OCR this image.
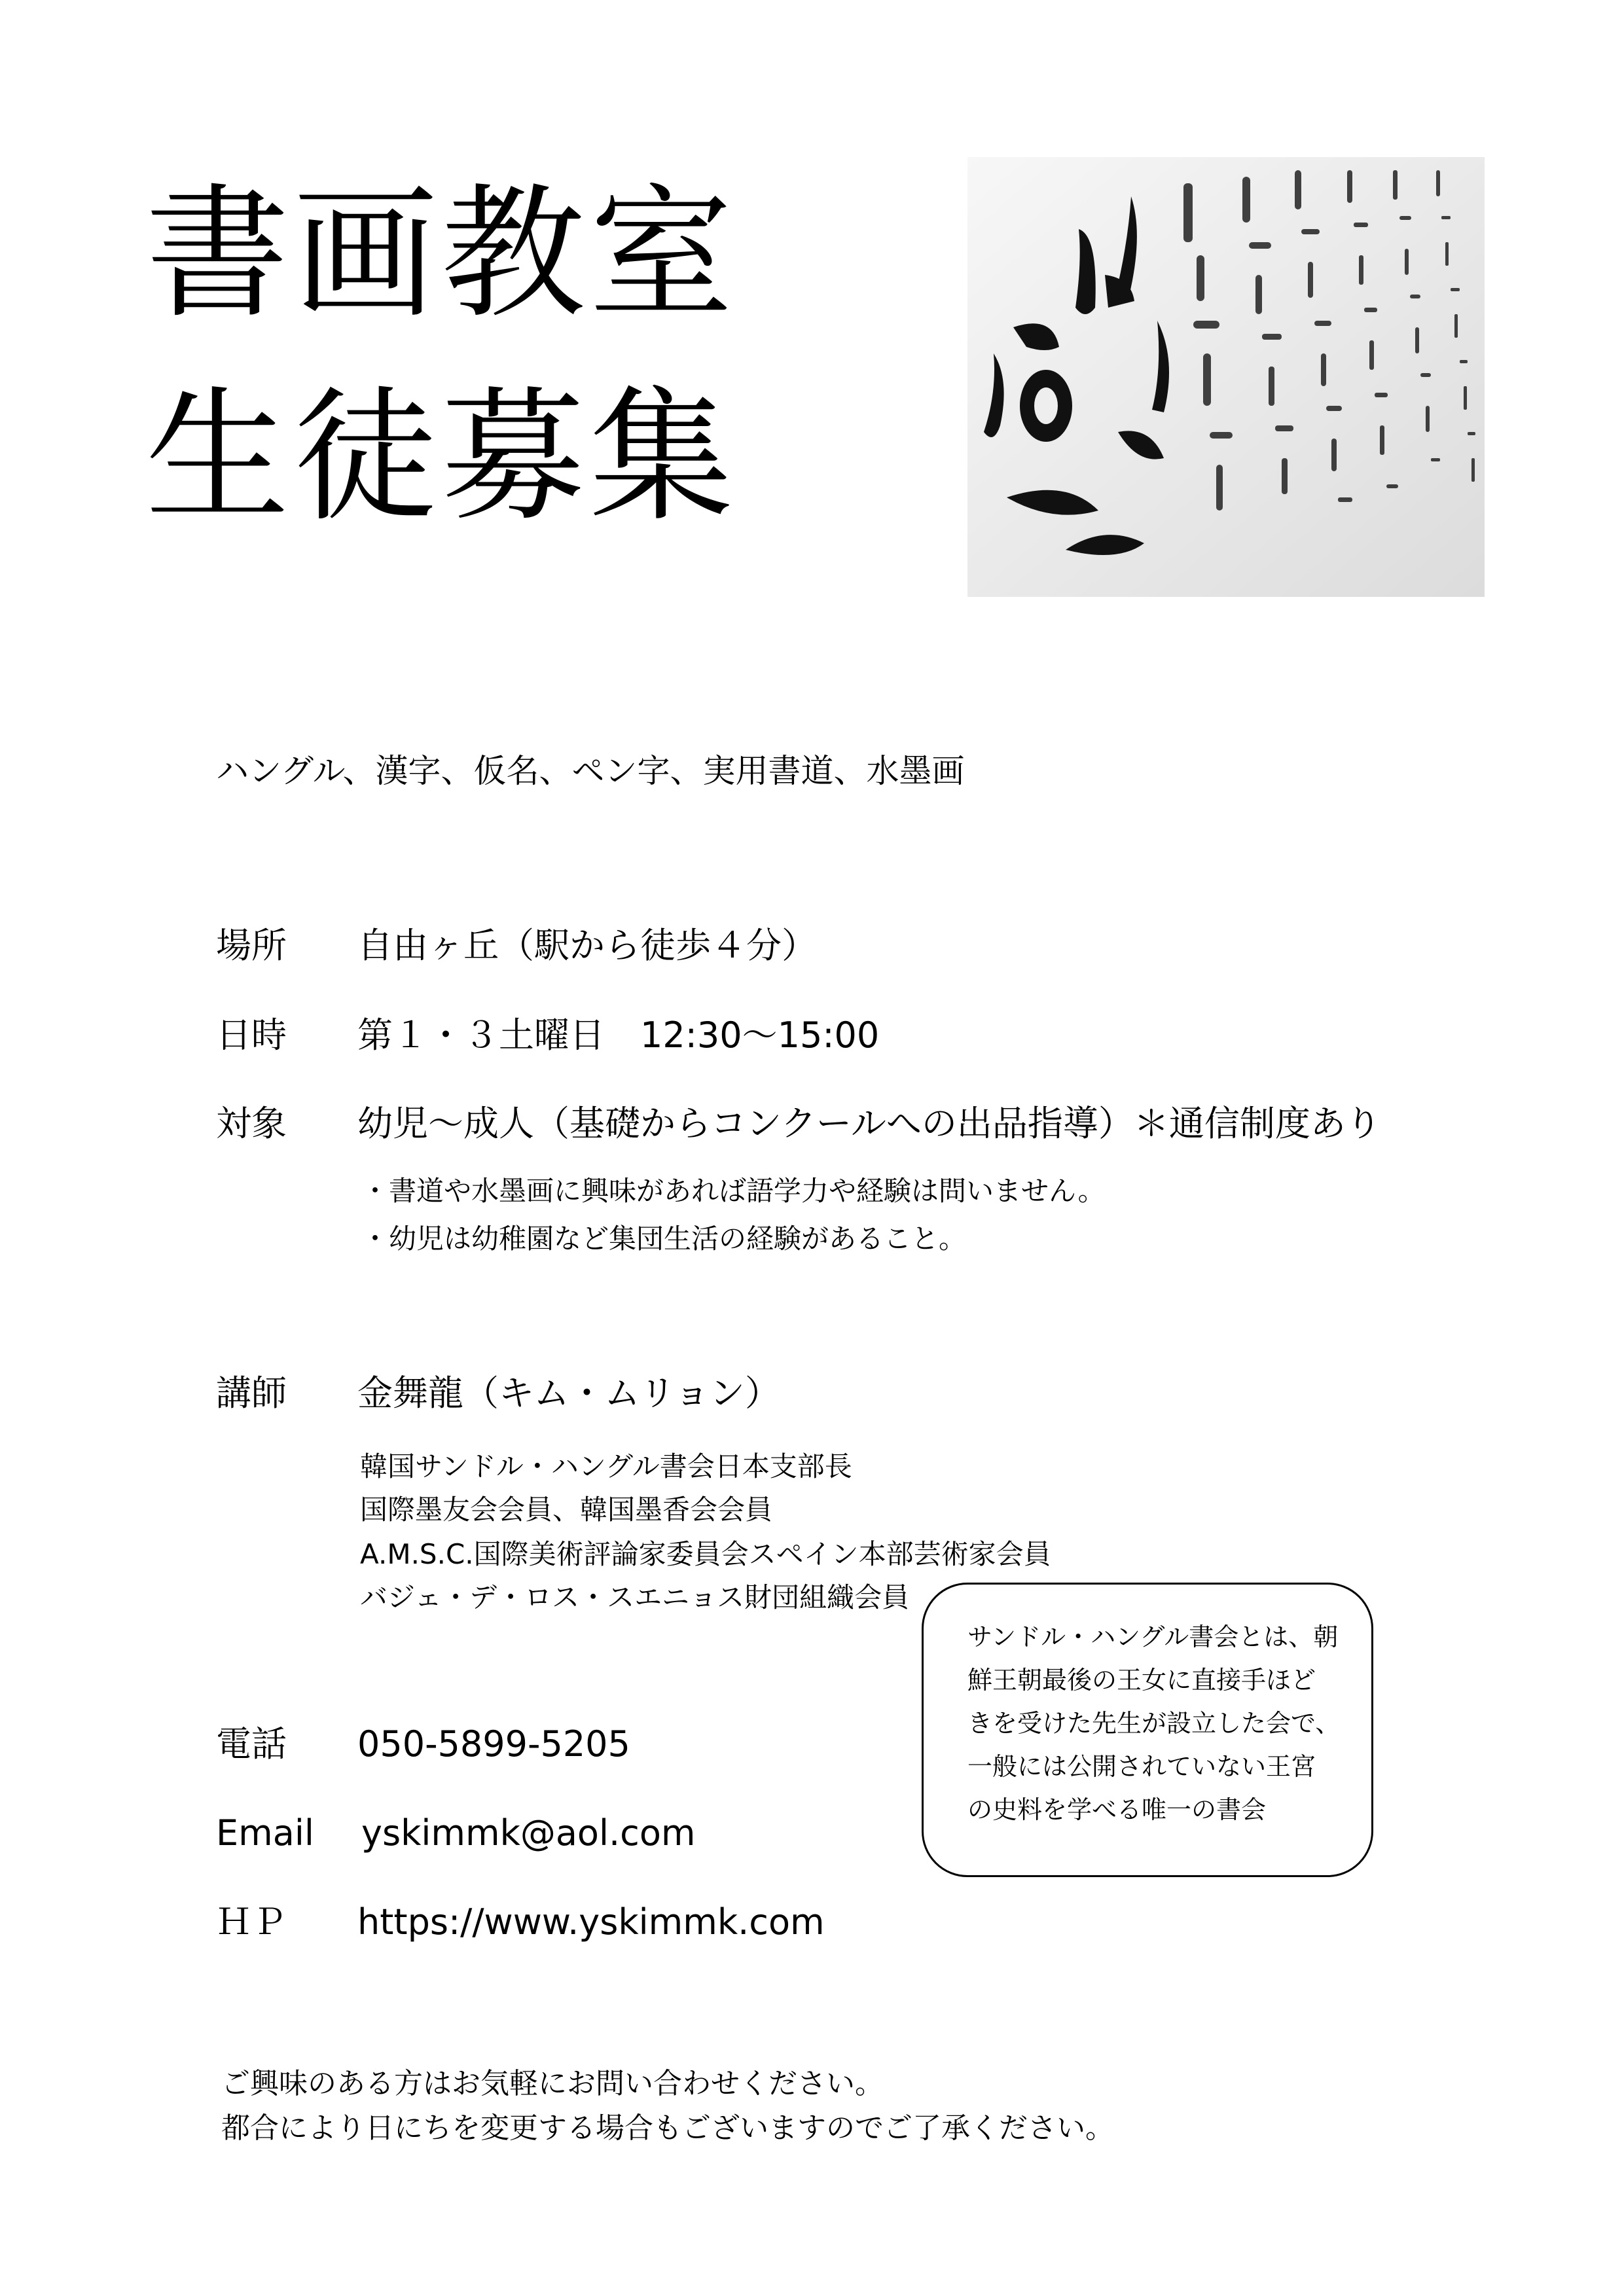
書画教室
生徒募集
ハングル、漢字、仮名、ペン字、実用書道、水墨画
場所 自由ヶ丘（駅から徒歩４分）
日時 第１・３土曜日　12:30〜15:00
対象 幼児〜成人（基礎からコンクールへの出品指導）＊通信制度あり
・書道や水墨画に興味があれば語学力や経験は問いません。
・幼児は幼稚園など集団生活の経験があること。
講師 金舞龍（キム・ムリョン）
韓国サンドル・ハングル書会日本支部長
国際墨友会会員、韓国墨香会会員
A.M.S.C.国際美術評論家委員会スペイン本部芸術家会員
バジェ・デ・ロス・スエニョス財団組織会員
サンドル・ハングル書会とは、朝
鮮王朝最後の王女に直接手ほど
きを受けた先生が設立した会で、
一般には公開されていない王宮
の史料を学べる唯一の書会
電話 050-5899-5205
Email yskimmk@aol.com
ＨＰ https://www.yskimmk.com
ご興味のある方はお気軽にお問い合わせください。
都合により日にちを変更する場合もございますのでご了承ください。
